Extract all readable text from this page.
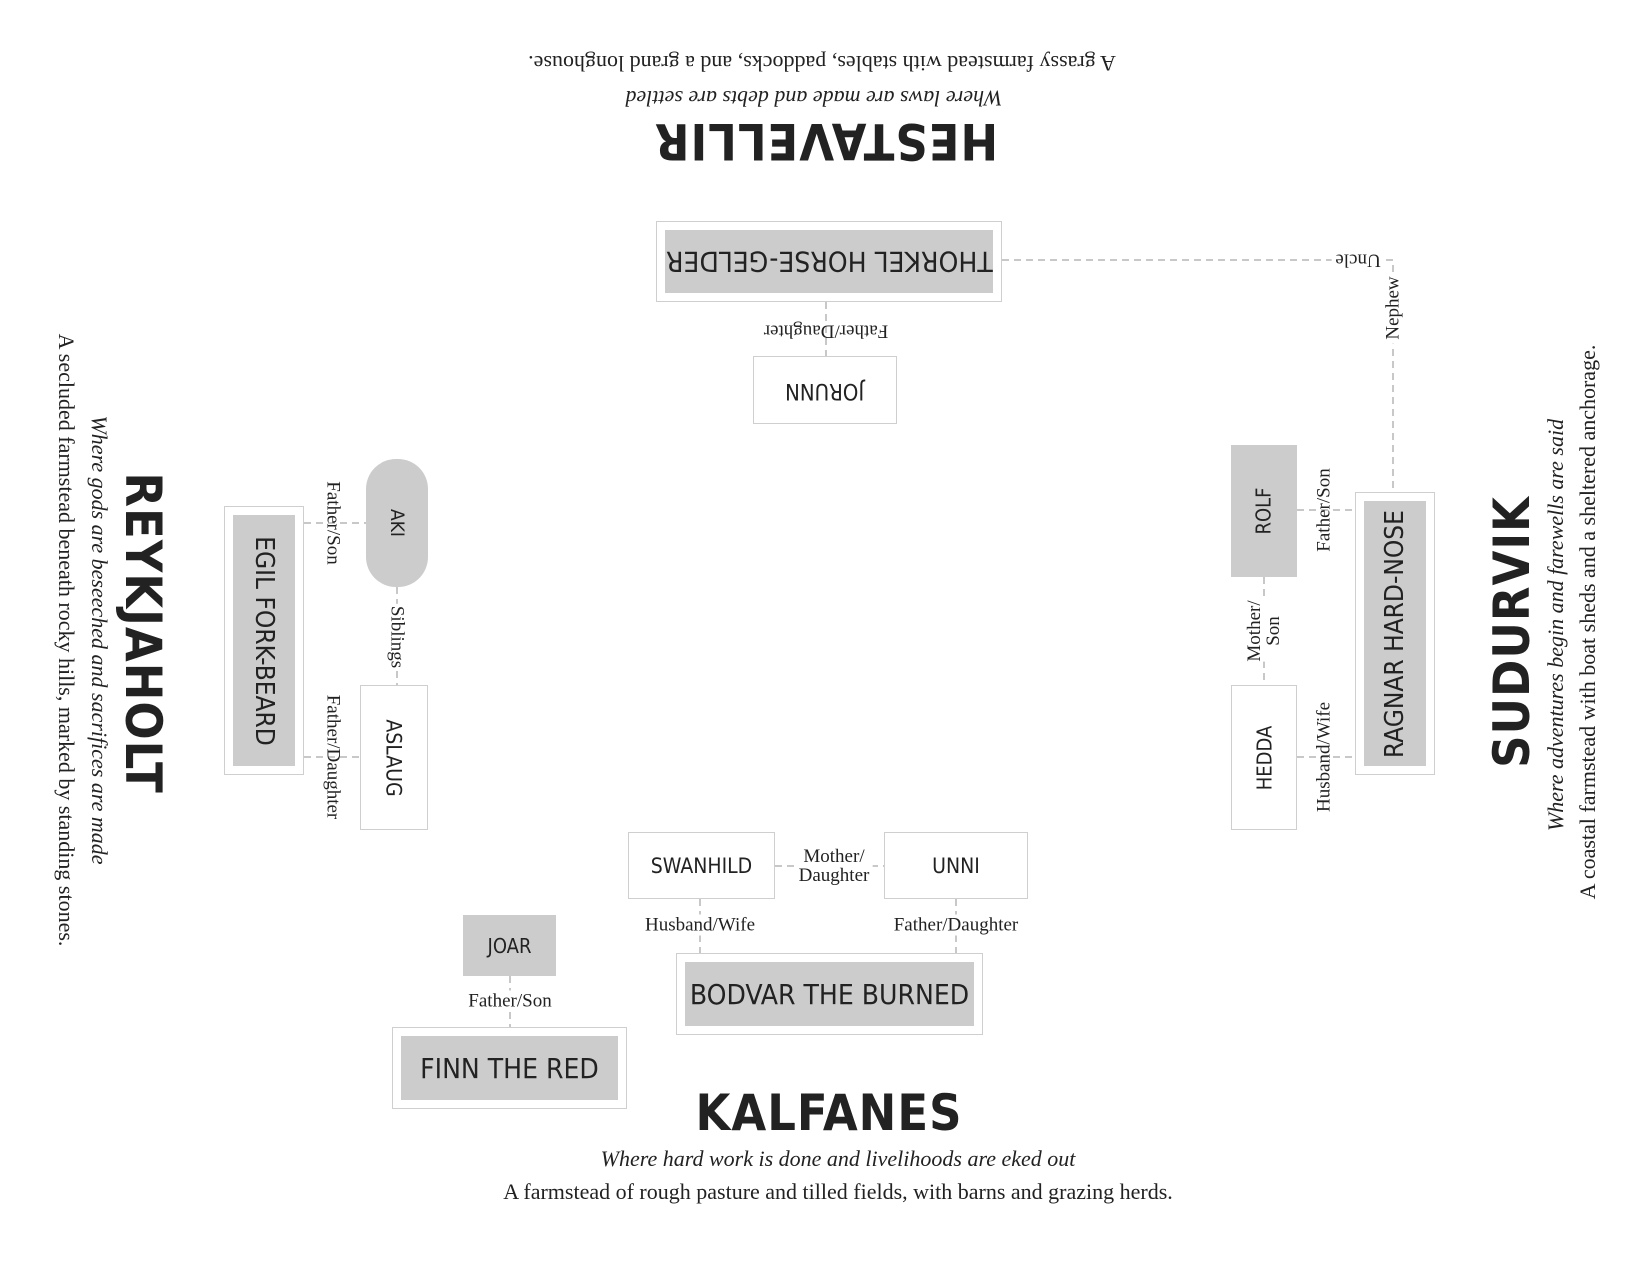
HESTAVELLIR
Where laws are made and debts are settled
A grassy farmstead with stables, paddocks, and a grand longhouse.
THORKEL HORSE-GELDER
Father/Daughter
JORUNN
Uncle
Nephew
REYKJAHOLT
Where gods are beseeched and sacrifices are made
A secluded farmstead beneath rocky hills, marked by standing stones.	EGIL FORK-BEARD
AKI
ASLAUG
Father/Son
Siblings
Father/Daughter	SUDURVIK Where adventures begin and farewells are said A coastal farmstead with boat sheds and a sheltered anchorage.
RAGNAR HARD-NOSE
ROLF
HEDDA
Father/Son
Mother/
Son
Husband/Wife
KALFANES
Where hard work is done and livelihoods are eked out
A farmstead of rough pasture and tilled fields, with barns and grazing herds.
SWANHILD	UNNI
Mother/
Daughter
Husband/Wife	Father/Daughter
BODVAR THE BURNED
JOAR
Father/Son
FINN THE RED
